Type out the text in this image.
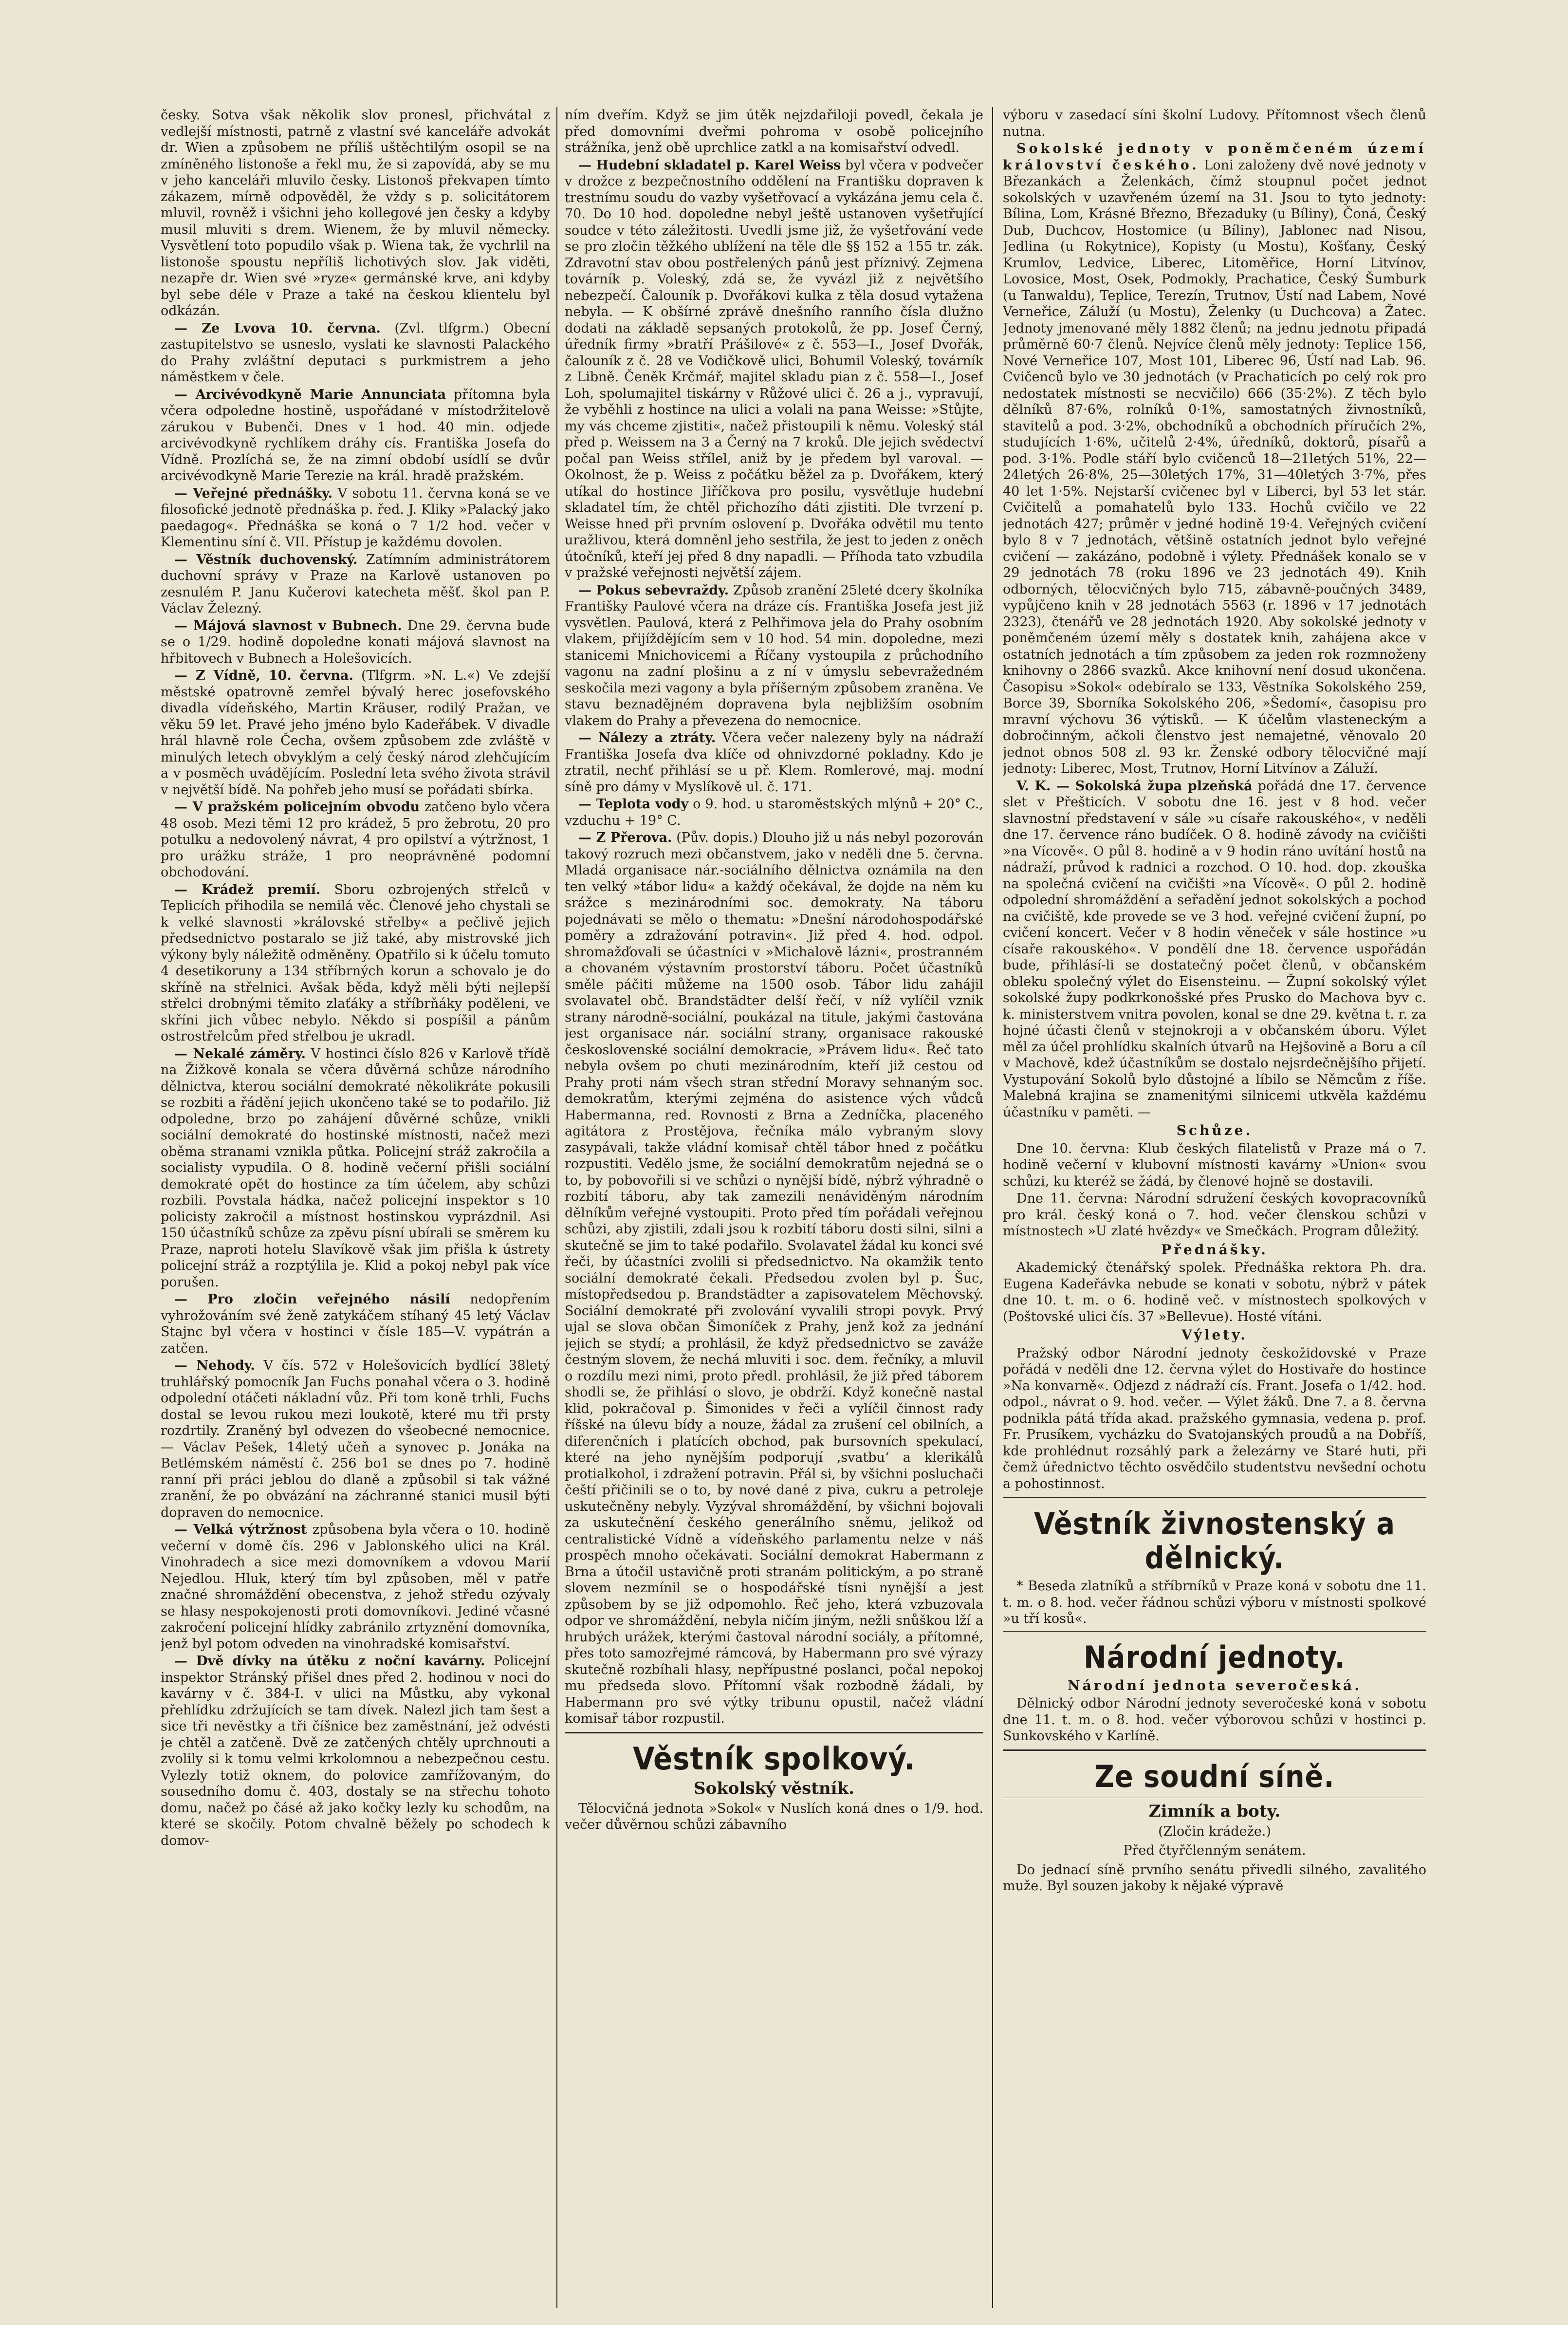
česky. Sotva však několik slov pronesl, přichvátal z vedlejší místnosti, patrně z vlastní své kanceláře advokát dr. Wien a způsobem ne příliš uštěchtilým osopil se na zmíněného listonoše a řekl mu, že si zapovídá, aby se mu v jeho kanceláři mluvilo česky. Listonoš překvapen tímto zákazem, mírně odpověděl, že vždy s p. solicitátorem mluvil, rovněž i všichni jeho kollegové jen česky a kdyby musil mluviti s drem. Wienem, že by mluvil německy. Vysvětlení toto popudilo však p. Wiena tak, že vychrlil na listonoše spoustu nepříliš lichotivých slov. Jak viděti, nezapře dr. Wien své »ryze« germánské krve, ani kdyby byl sebe déle v Praze a také na českou klientelu byl odkázán.

— Ze Lvova 10. června. (Zvl. tlfgrm.) Obecní zastupitelstvo se usneslo, vyslati ke slavnosti Palackého do Prahy zvláštní deputaci s purkmistrem a jeho náměstkem v čele.

— Arcivévodkyně Marie Annunciata přítomna byla včera odpoledne hostině, uspořádané v místodržitelově zárukou v Bubenči. Dnes v 1 hod. 40 min. odjede arcivévodkyně rychlíkem dráhy cís. Františka Josefa do Vídně. Prozlíchá se, že na zimní období usídlí se dvůr arcivévodkyně Marie Terezie na král. hradě pražském.

— Veřejné přednášky. V sobotu 11. června koná se ve filosofické jednotě přednáška p. řed. J. Kliky »Palacký jako paedagog«. Přednáška se koná o 7 1/2 hod. večer v Klementinu síní č. VII. Přístup je každému dovolen.

— Věstník duchovenský. Zatímním administrátorem duchovní správy v Praze na Karlově ustanoven po zesnulém P. Janu Kučerovi katecheta měšť. škol pan P. Václav Železný.

— Májová slavnost v Bubnech. Dne 29. června bude se o 1/29. hodině dopoledne konati májová slavnost na hřbitovech v Bubnech a Holešovicích.

— Z Vídně, 10. června. (Tlfgrm. »N. L.«) Ve zdejší městské opatrovně zemřel bývalý herec josefovského divadla vídeňského, Martin Kräuser, rodilý Pražan, ve věku 59 let. Pravé jeho jméno bylo Kadeřábek. V divadle hrál hlavně role Čecha, ovšem způsobem zde zvláště v minulých letech obvyklým a celý český národ zlehčujícím a v posměch uvádějícím. Poslední leta svého života strávil v největší bídě. Na pohřeb jeho musí se pořádati sbírka.

— V pražském policejním obvodu zatčeno bylo včera 48 osob. Mezi těmi 12 pro krádež, 5 pro žebrotu, 20 pro potulku a nedovolený návrat, 4 pro opilství a výtržnost, 1 pro urážku stráže, 1 pro neoprávněné podomní obchodování.

— Krádež premií. Sboru ozbrojených střelců v Teplicích přihodila se nemilá věc. Členové jeho chystali se k velké slavnosti »královské střelby« a pečlivě jejich předsednictvo postaralo se již také, aby mistrovské jich výkony byly náležitě odměněny. Opatřilo si k účelu tomuto 4 desetikoruny a 134 stříbrných korun a schovalo je do skříně na střelnici. Avšak běda, když měli býti nejlepší střelci drobnými těmito zlaťáky a stříbrňáky poděleni, ve skříni jich vůbec nebylo. Někdo si pospíšil a pánům ostrostřelcům před střelbou je ukradl.

— Nekalé záměry. V hostinci číslo 826 v Karlově třídě na Žižkově konala se včera důvěrná schůze národního dělnictva, kterou sociální demokraté několikráte pokusili se rozbiti a řádění jejich ukončeno také se to podařilo. Již odpoledne, brzo po zahájení důvěrné schůze, vnikli sociální demokraté do hostinské místnosti, načež mezi oběma stranami vznikla půtka. Policejní stráž zakročila a socialisty vypudila. O 8. hodině večerní přišli sociální demokraté opět do hostince za tím účelem, aby schůzi rozbili. Povstala hádka, načež policejní inspektor s 10 policisty zakročil a místnost hostinskou vyprázdnil. Asi 150 účastníků schůze za zpěvu písní ubírali se směrem ku Praze, naproti hotelu Slavíkově však jim přišla k ústrety policejní stráž a rozptýlila je. Klid a pokoj nebyl pak více porušen.

— Pro zločin veřejného násilí nedopřením vyhrožováním své ženě zatykáčem stíhaný 45 letý Václav Stajnc byl včera v hostinci v čísle 185—V. vypátrán a zatčen.

— Nehody. V čís. 572 v Holešovicích bydlící 38letý truhlářský pomocník Jan Fuchs ponahal včera o 3. hodině odpolední otáčeti nákladní vůz. Při tom koně trhli, Fuchs dostal se levou rukou mezi loukotě, které mu tři prsty rozdrtily. Zraněný byl odvezen do všeobecné nemocnice. — Václav Pešek, 14letý učeň a synovec p. Jonáka na Betlémském náměstí č. 256 bo1 se dnes po 7. hodině ranní při práci jeblou do dlaně a způsobil si tak vážné zranění, že po obvázání na záchranné stanici musil býti dopraven do nemocnice.

— Velká výtržnost způsobena byla včera o 10. hodině večerní v domě čís. 296 v Jablonského ulici na Král. Vinohradech a sice mezi domovníkem a vdovou Marií Nejedlou. Hluk, který tím byl způsoben, měl v patře značné shromáždění obecenstva, z jehož středu ozývaly se hlasy nespokojenosti proti domovníkovi. Jediné včasné zakročení policejní hlídky zabránilo zrtyznění domovníka, jenž byl potom odveden na vinohradské komisařství.

— Dvě dívky na útěku z noční kavárny. Policejní inspektor Stránský přišel dnes před 2. hodinou v noci do kavárny v č. 384-I. v ulici na Můstku, aby vykonal přehlídku zdržujících se tam dívek. Nalezl jich tam šest a sice tři nevěstky a tři číšnice bez zaměstnání, jež odvésti je chtěl a zatčeně. Dvě ze zatčených chtěly uprchnouti a zvolily si k tomu velmi krkolomnou a nebezpečnou cestu. Vylezly totiž oknem, do polovice zamřížovaným, do sousedního domu č. 403, dostaly se na střechu tohoto domu, načež po čásé až jako kočky lezly ku schodům, na které se skočily. Potom chvalně běžely po schodech k domov-

ním dveřím. Když se jim útěk nejzdařiloji povedl, čekala je před domovními dveřmi pohroma v osobě policejního strážníka, jenž obě uprchlice zatkl a na komisařství odvedl.

— Hudební skladatel p. Karel Weiss byl včera v podvečer v drožce z bezpečnostního oddělení na Františku dopraven k trestnímu soudu do vazby vyšetřovací a vykázána jemu cela č. 70. Do 10 hod. dopoledne nebyl ještě ustanoven vyšetřující soudce v této záležitosti. Uvedli jsme již, že vyšetřování vede se pro zločin těžkého ublížení na těle dle §§ 152 a 155 tr. zák. Zdravotní stav obou postřelených pánů jest příznivý. Zejmena továrník p. Voleský, zdá se, že vyvázl již z největšího nebezpečí. Čalouník p. Dvořákovi kulka z těla dosud vytažena nebyla. — K obšírné zprávě dnešního ranního čísla dlužno dodati na základě sepsaných protokolů, že pp. Josef Černý, úředník firmy »bratří Prášilové« z č. 553—I., Josef Dvořák, čalouník z č. 28 ve Vodičkově ulici, Bohumil Voleský, továrník z Libně. Čeněk Krčmář, majitel skladu pian z č. 558—I., Josef Loh, spolumajitel tiskárny v Růžové ulici č. 26 a j., vypravují, že vyběhli z hostince na ulici a volali na pana Weisse: »Stůjte, my vás chceme zjistiti«, načež přistoupili k němu. Voleský stál před p. Weissem na 3 a Černý na 7 kroků. Dle jejich svědectví počal pan Weiss střílel, aniž by je předem byl varoval. — Okolnost, že p. Weiss z počátku běžel za p. Dvořákem, který utíkal do hostince Jiříčkova pro posilu, vysvětluje hudební skladatel tím, že chtěl přichozího dáti zjistiti. Dle tvrzení p. Weisse hned při prvním oslovení p. Dvořáka odvětil mu tento uražlivou, která domněnl jeho sestřila, že jest to jeden z oněch útočníků, kteří jej před 8 dny napadli. — Příhoda tato vzbudila v pražské veřejnosti největší zájem.

— Pokus sebevraždy. Způsob zranění 25leté dcery školníka Františky Paulové včera na dráze cís. Františka Josefa jest již vysvětlen. Paulová, která z Pelhřimova jela do Prahy osobním vlakem, přijíždějícím sem v 10 hod. 54 min. dopoledne, mezi stanicemi Mnichovicemi a Říčany vystoupila z průchodního vagonu na zadní plošinu a z ní v úmyslu sebevražedném seskočila mezi vagony a byla příšerným způsobem zraněna. Ve stavu beznadějném dopravena byla nejbližším osobním vlakem do Prahy a převezena do nemocnice.

— Nálezy a ztráty. Včera večer nalezeny byly na nádraží Františka Josefa dva klíče od ohnivzdorné pokladny. Kdo je ztratil, nechť přihlásí se u př. Klem. Romlerové, maj. modní síně pro dámy v Myslíkově ul. č. 171.

— Teplota vody o 9. hod. u staroměstských mlýnů + 20° C., vzduchu + 19° C.

— Z Přerova. (Pův. dopis.) Dlouho již u nás nebyl pozorován takový rozruch mezi občanstvem, jako v neděli dne 5. června. Mladá organisace nár.-sociálního dělnictva oznámila na den ten velký »tábor lidu« a každý očekával, že dojde na něm ku srážce s mezinárodními soc. demokraty. Na táboru pojednávati se mělo o thematu: »Dnešní národohospodářské poměry a zdražování potravin«. Již před 4. hod. odpol. shromažďovali se účastníci v »Michalově lázni«, prostranném a chovaném výstavním prostorství táboru. Počet účastníků směle páčiti můžeme na 1500 osob. Tábor lidu zahájil svolavatel obč. Brandstädter delší řečí, v níž vylíčil vznik strany národně-sociální, poukázal na titule, jakými častována jest organisace nár. sociální strany, organisace rakouské československé sociální demokracie, »Právem lidu«. Řeč tato nebyla ovšem po chuti mezinárodním, kteří již cestou od Prahy proti nám všech stran střední Moravy sehnaným soc. demokratům, kterými zejména do asistence vých vůdců Habermanna, red. Rovnosti z Brna a Zedníčka, placeného agitátora z Prostějova, řečníka málo vybraným slovy zasypávali, takže vládní komisař chtěl tábor hned z počátku rozpustiti. Vedělo jsme, že sociální demokratům nejedná se o to, by pobovořili si ve schůzi o nynější bídě, nýbrž výhradně o rozbití táboru, aby tak zamezili nenáviděným národním dělníkům veřejné vystoupiti. Proto před tím pořádali veřejnou schůzi, aby zjistili, zdali jsou k rozbití táboru dosti silni, silni a skutečně se jim to také podařilo. Svolavatel žádal ku konci své řeči, by účastníci zvolili si předsednictvo. Na okamžik tento sociální demokraté čekali. Předsedou zvolen byl p. Šuc, místopředsedou p. Brandstädter a zapisovatelem Měchovský. Sociální demokraté při zvolování vyvalili stropi povyk. Prvý ujal se slova občan Šimoníček z Prahy, jenž kož za jednání jejich se stydí; a prohlásil, že když předsednictvo se zaváže čestným slovem, že nechá mluviti i soc. dem. řečníky, a mluvil o rozdílu mezi nimi, proto předl. prohlásil, že již před táborem shodli se, že přihlásí o slovo, je obdrží. Když konečně nastal klid, pokračoval p. Šimonides v řeči a vylíčil činnost rady říšské na úlevu bídy a nouze, žádal za zrušení cel obilních, a diferenčních i platících obchod, pak bursovních spekulací, které na jeho nynějším podporují ‚svatbu‘ a klerikálů protialkohol, i zdražení potravin. Přál si, by všichni posluchači čeští přičinili se o to, by nové dané z piva, cukru a petroleje uskutečněny nebyly. Vyzýval shromáždění, by všichni bojovali za uskutečnění českého generálního sněmu, jelikož od centralistické Vídně a vídeňského parlamentu nelze v náš prospěch mnoho očekávati. Sociální demokrat Habermann z Brna a útočil ustavičně proti stranám politickým, a po straně slovem nezmínil se o hospodářské tísni nynější a jest způsobem by se již odpomohlo. Řeč jeho, která vzbuzovala odpor ve shromáždění, nebyla ničím jiným, nežli snůškou lží a hrubých urážek, kterými častoval národní sociály, a přítomné, přes toto samozřejmé rámcová, by Habermann pro své výrazy skutečně rozbíhali hlasy, nepřípustné poslanci, počal nepokoj mu předseda slovo. Přítomní však rozbodně žádali, by Habermann pro své výtky tribunu opustil, načež vládní komisař tábor rozpustil.

Věstník spolkový.
Sokolský věstník.

Tělocvičná jednota »Sokol« v Nuslích koná dnes o 1/9. hod. večer důvěrnou schůzi zábavního

výboru v zasedací síni školní Ludovy. Přítomnost všech členů nutna.

Sokolské jednoty v poněmčeném území království českého. Loni založeny dvě nové jednoty v Březankách a Želenkách, čímž stoupnul počet jednot sokolských v uzavřeném území na 31. Jsou to tyto jednoty: Bílina, Lom, Krásné Březno, Březaduky (u Bíliny), Čoná, Český Dub, Duchcov, Hostomice (u Bíliny), Jablonec nad Nisou, Jedlina (u Rokytnice), Kopisty (u Mostu), Košťany, Český Krumlov, Ledvice, Liberec, Litoměřice, Horní Litvínov, Lovosice, Most, Osek, Podmokly, Prachatice, Český Šumburk (u Tanwaldu), Teplice, Terezín, Trutnov, Ústí nad Labem, Nové Verneřice, Záluží (u Mostu), Želenky (u Duchcova) a Žatec. Jednoty jmenované měly 1882 členů; na jednu jednotu připadá průměrně 60·7 členů. Nejvíce členů měly jednoty: Teplice 156, Nové Verneřice 107, Most 101, Liberec 96, Ústí nad Lab. 96. Cvičenců bylo ve 30 jednotách (v Prachaticích po celý rok pro nedostatek místnosti se necvičilo) 666 (35·2%). Z těch bylo dělníků 87·6%, rolníků 0·1%, samostatných živnostníků, stavitelů a pod. 3·2%, obchodníků a obchodních příručích 2%, studujících 1·6%, učitelů 2·4%, úředníků, doktorů, písařů a pod. 3·1%. Podle stáří bylo cvičenců 18—21letých 51%, 22—24letých 26·8%, 25—30letých 17%, 31—40letých 3·7%, přes 40 let 1·5%. Nejstarší cvičenec byl v Liberci, byl 53 let stár. Cvičitelů a pomahatelů bylo 133. Hochů cvičilo ve 22 jednotách 427; průměr v jedné hodině 19·4. Veřejných cvičení bylo 8 v 7 jednotách, většině ostatních jednot bylo veřejné cvičení — zakázáno, podobně i výlety. Přednášek konalo se v 29 jednotách 78 (roku 1896 ve 23 jednotách 49). Knih odborných, tělocvičných bylo 715, zábavně-poučných 3489, vypůjčeno knih v 28 jednotách 5563 (r. 1896 v 17 jednotách 2323), čtenářů ve 28 jednotách 1920. Aby sokolské jednoty v poněmčeném území měly s dostatek knih, zahájena akce v ostatních jednotách a tím způsobem za jeden rok rozmnoženy knihovny o 2866 svazků. Akce knihovní není dosud ukončena. Časopisu »Sokol« odebíralo se 133, Věstníka Sokolského 259, Borce 39, Sborníka Sokolského 206, »Šedomí«, časopisu pro mravní výchovu 36 výtisků. — K účelům vlasteneckým a dobročinným, ačkoli členstvo jest nemajetné, věnovalo 20 jednot obnos 508 zl. 93 kr. Ženské odbory tělocvičné mají jednoty: Liberec, Most, Trutnov, Horní Litvínov a Záluží.

V. K. — Sokolská župa plzeňská pořádá dne 17. července slet v Přešticích. V sobotu dne 16. jest v 8 hod. večer slavnostní představení v sále »u císaře rakouského«, v neděli dne 17. července ráno budíček. O 8. hodině závody na cvičišti »na Vícově«. O půl 8. hodině a v 9 hodin ráno uvítání hostů na nádraží, průvod k radnici a rozchod. O 10. hod. dop. zkouška na společná cvičení na cvičišti »na Vícově«. O půl 2. hodině odpolední shromáždění a seřadění jednot sokolských a pochod na cvičiště, kde provede se ve 3 hod. veřejné cvičení župní, po cvičení koncert. Večer v 8 hodin věneček v sále hostince »u císaře rakouského«. V pondělí dne 18. července uspořádán bude, přihlásí-li se dostatečný počet členů, v občanském obleku společný výlet do Eisensteinu. — Župní sokolský výlet sokolské župy podkrkonošské přes Prusko do Machova byv c. k. ministerstvem vnitra povolen, konal se dne 29. května t. r. za hojné účasti členů v stejnokroji a v občanském úboru. Výlet měl za účel prohlídku skalních útvarů na Hejšovině a Boru a cíl v Machově, kdež účastníkům se dostalo nejsrdečnějšího přijetí. Vystupování Sokolů bylo důstojné a líbilo se Němcům z říše. Malebná krajina se znamenitými silnicemi utkvěla každému účastníku v paměti. —

Schůze.

Dne 10. června: Klub českých filatelistů v Praze má o 7. hodině večerní v klubovní místnosti kavárny »Union« svou schůzi, ku kteréž se žádá, by členové hojně se dostavili.

Dne 11. června: Národní sdružení českých kovopracovníků pro král. český koná o 7. hod. večer členskou schůzi v místnostech »U zlaté hvězdy« ve Smečkách. Program důležitý.

Přednášky.

Akademický čtenářský spolek. Přednáška rektora Ph. dra. Eugena Kadeřávka nebude se konati v sobotu, nýbrž v pátek dne 10. t. m. o 6. hodině več. v místnostech spolkových v (Poštovské ulici čís. 37 »Bellevue). Hosté vítáni.

Výlety.

Pražský odbor Národní jednoty českožidovské v Praze pořádá v neděli dne 12. června výlet do Hostivaře do hostince »Na konvarně«. Odjezd z nádraží cís. Frant. Josefa o 1/42. hod. odpol., návrat o 9. hod. večer. — Výlet žáků. Dne 7. a 8. června podnikla pátá třída akad. pražského gymnasia, vedena p. prof. Fr. Prusíkem, vycházku do Svatojanských proudů a na Dobříš, kde prohlédnut rozsáhlý park a železárny ve Staré huti, při čemž úřednictvo těchto osvědčilo studentstvu nevšední ochotu a pohostinnost.

Věstník živnostenský a dělnický.

* Beseda zlatníků a stříbrníků v Praze koná v sobotu dne 11. t. m. o 8. hod. večer řádnou schůzi výboru v místnosti spolkové »u tří kosů«.

Národní jednoty.
Národní jednota severočeská.

Dělnický odbor Národní jednoty severočeské koná v sobotu dne 11. t. m. o 8. hod. večer výborovou schůzi v hostinci p. Sunkovského v Karlíně.

Ze soudní síně.
Zimník a boty.
(Zločin krádeže.)
Před čtyřčlenným senátem.

Do jednací síně prvního senátu přivedli silného, zavalitého muže. Byl souzen jakoby k nějaké výpravě
